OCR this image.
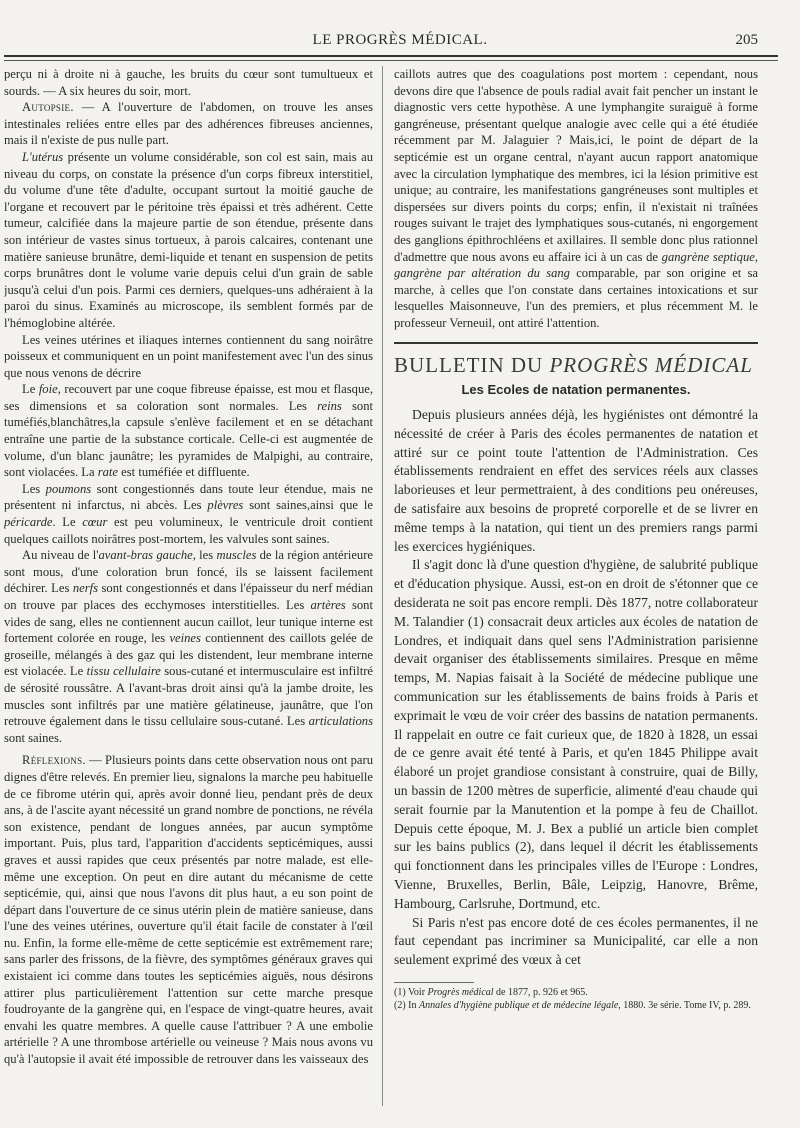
LE PROGRÈS MÉDICAL.	205

perçu ni à droite ni à gauche, les bruits du cœur sont tumultueux et sourds. — A six heures du soir, mort.

Autopsie. — A l'ouverture de l'abdomen, on trouve les anses intestinales reliées entre elles par des adhérences fibreuses anciennes, mais il n'existe de pus nulle part.

L'utérus présente un volume considérable, son col est sain, mais au niveau du corps, on constate la présence d'un corps fibreux interstitiel, du volume d'une tête d'adulte, occupant surtout la moitié gauche de l'organe et recouvert par le péritoine très épaissi et très adhérent. Cette tumeur, calcifiée dans la majeure partie de son étendue, présente dans son intérieur de vastes sinus tortueux, à parois calcaires, contenant une matière sanieuse brunâtre, demi-liquide et tenant en suspension de petits corps brunâtres dont le volume varie depuis celui d'un grain de sable jusqu'à celui d'un pois. Parmi ces derniers, quelques-uns adhéraient à la paroi du sinus. Examinés au microscope, ils semblent formés par de l'hémoglobine altérée.

Les veines utérines et iliaques internes contiennent du sang noirâtre poisseux et communiquent en un point manifestement avec l'un des sinus que nous venons de décrire

Le foie, recouvert par une coque fibreuse épaisse, est mou et flasque, ses dimensions et sa coloration sont normales. Les reins sont tuméfiés,blanchâtres,la capsule s'enlève facilement et en se détachant entraîne une partie de la substance corticale. Celle-ci est augmentée de volume, d'un blanc jaunâtre; les pyramides de Malpighi, au contraire, sont violacées. La rate est tuméfiée et diffluente.

Les poumons sont congestionnés dans toute leur étendue, mais ne présentent ni infarctus, ni abcès. Les plèvres sont saines,ainsi que le péricarde. Le cœur est peu volumineux, le ventricule droit contient quelques caillots noirâtres post-mortem, les valvules sont saines.

Au niveau de l'avant-bras gauche, les muscles de la région antérieure sont mous, d'une coloration brun foncé, ils se laissent facilement déchirer. Les nerfs sont congestionnés et dans l'épaisseur du nerf médian on trouve par places des ecchymoses interstitielles. Les artères sont vides de sang, elles ne contiennent aucun caillot, leur tunique interne est fortement colorée en rouge, les veines contiennent des caillots gelée de groseille, mélangés à des gaz qui les distendent, leur membrane interne est violacée. Le tissu cellulaire sous-cutané et intermusculaire est infiltré de sérosité roussâtre. A l'avant-bras droit ainsi qu'à la jambe droite, les muscles sont infiltrés par une matière gélatineuse, jaunâtre, que l'on retrouve également dans le tissu cellulaire sous-cutané. Les articulations sont saines.

Réflexions. — Plusieurs points dans cette observation nous ont paru dignes d'être relevés. En premier lieu, signalons la marche peu habituelle de ce fibrome utérin qui, après avoir donné lieu, pendant près de deux ans, à de l'ascite ayant nécessité un grand nombre de ponctions, ne révéla son existence, pendant de longues années, par aucun symptôme important. Puis, plus tard, l'apparition d'accidents septicémiques, aussi graves et aussi rapides que ceux présentés par notre malade, est elle-même une exception. On peut en dire autant du mécanisme de cette septicémie, qui, ainsi que nous l'avons dit plus haut, a eu son point de départ dans l'ouverture de ce sinus utérin plein de matière sanieuse, dans l'une des veines utérines, ouverture qu'il était facile de constater à l'œil nu. Enfin, la forme elle-même de cette septicémie est extrêmement rare; sans parler des frissons, de la fièvre, des symptômes généraux graves qui existaient ici comme dans toutes les septicémies aiguës, nous désirons attirer plus particulièrement l'attention sur cette marche presque foudroyante de la gangrène qui, en l'espace de vingt-quatre heures, avait envahi les quatre membres. A quelle cause l'attribuer ? A une embolie artérielle ? A une thrombose artérielle ou veineuse ? Mais nous avons vu qu'à l'autopsie il avait été impossible de retrouver dans les vaisseaux des

caillots autres que des coagulations post mortem : cependant, nous devons dire que l'absence de pouls radial avait fait pencher un instant le diagnostic vers cette hypothèse. A une lymphangite suraiguë à forme gangréneuse, présentant quelque analogie avec celle qui a été étudiée récemment par M. Jalaguier ? Mais,ici, le point de départ de la septicémie est un organe central, n'ayant aucun rapport anatomique avec la circulation lymphatique des membres, ici la lésion primitive est unique; au contraire, les manifestations gangréneuses sont multiples et dispersées sur divers points du corps; enfin, il n'existait ni traînées rouges suivant le trajet des lymphatiques sous-cutanés, ni engorgement des ganglions épithrochléens et axillaires. Il semble donc plus rationnel d'admettre que nous avons eu affaire ici à un cas de gangrène septique, gangrène par altération du sang comparable, par son origine et sa marche, à celles que l'on constate dans certaines intoxications et sur lesquelles Maisonneuve, l'un des premiers, et plus récemment M. le professeur Verneuil, ont attiré l'attention.

BULLETIN DU PROGRÈS MÉDICAL

Les Ecoles de natation permanentes.

Depuis plusieurs années déjà, les hygiénistes ont démontré la nécessité de créer à Paris des écoles permanentes de natation et attiré sur ce point toute l'attention de l'Administration. Ces établissements rendraient en effet des services réels aux classes laborieuses et leur permettraient, à des conditions peu onéreuses, de satisfaire aux besoins de propreté corporelle et de se livrer en même temps à la natation, qui tient un des premiers rangs parmi les exercices hygiéniques.

Il s'agit donc là d'une question d'hygiène, de salubrité publique et d'éducation physique. Aussi, est-on en droit de s'étonner que ce desiderata ne soit pas encore rempli. Dès 1877, notre collaborateur M. Talandier (1) consacrait deux articles aux écoles de natation de Londres, et indiquait dans quel sens l'Administration parisienne devait organiser des établissements similaires. Presque en même temps, M. Napias faisait à la Société de médecine publique une communication sur les établissements de bains froids à Paris et exprimait le vœu de voir créer des bassins de natation permanents. Il rappelait en outre ce fait curieux que, de 1820 à 1828, un essai de ce genre avait été tenté à Paris, et qu'en 1845 Philippe avait élaboré un projet grandiose consistant à construire, quai de Billy, un bassin de 1200 mètres de superficie, alimenté d'eau chaude qui serait fournie par la Manutention et la pompe à feu de Chaillot. Depuis cette époque, M. J. Bex a publié un article bien complet sur les bains publics (2), dans lequel il décrit les établissements qui fonctionnent dans les principales villes de l'Europe : Londres, Vienne, Bruxelles, Berlin, Bâle, Leipzig, Hanovre, Brême, Hambourg, Carlsruhe, Dortmund, etc.

Si Paris n'est pas encore doté de ces écoles permanentes, il ne faut cependant pas incriminer sa Municipalité, car elle a non seulement exprimé des vœux à cet

(1) Voir Progrès médical de 1877, p. 926 et 965.

(2) In Annales d'hygiène publique et de médecine légale, 1880. 3e série. Tome IV, p. 289.
